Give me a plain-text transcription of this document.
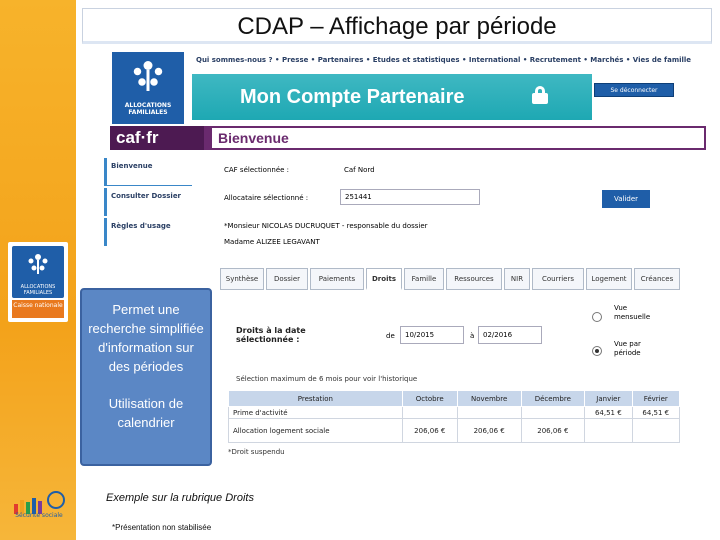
ALLOCATIONS FAMILIALES
Caisse nationale
Sécurité sociale
CDAP – Affichage par période
Qui sommes-nous ? • Presse • Partenaires • Etudes et statistiques • International • Recrutement • Marchés • Vies de famille
ALLOCATIONS FAMILIALES
Mon Compte Partenaire	Se déconnecter
caf·fr	Bienvenue
Bienvenue
Consulter Dossier
Règles d'usage
CAF sélectionnée :	Caf Nord
Allocataire sélectionné :	251441	Valider
*Monsieur NICOLAS DUCRUQUET - responsable du dossier
Madame ALIZEE LEGAVANT
Synthèse	Dossier	Paiements	Droits	Famille	Ressources	NIR	Courriers	Logement	Créances
Droits à la date sélectionnée :	de	10/2015	à	02/2016
Vue mensuelle
Vue par période
Sélection maximum de 6 mois pour voir l'historique
Prestation	Octobre	Novembre	Décembre	Janvier	Février
Prime d'activité				64,51 €	64,51 €
Allocation logement sociale	206,06 €	206,06 €	206,06 €		
*Droit suspendu

Permet une recherche simplifiée d'information sur des périodes

Utilisation de calendrier

Exemple sur la rubrique Droits
*Présentation non stabilisée
